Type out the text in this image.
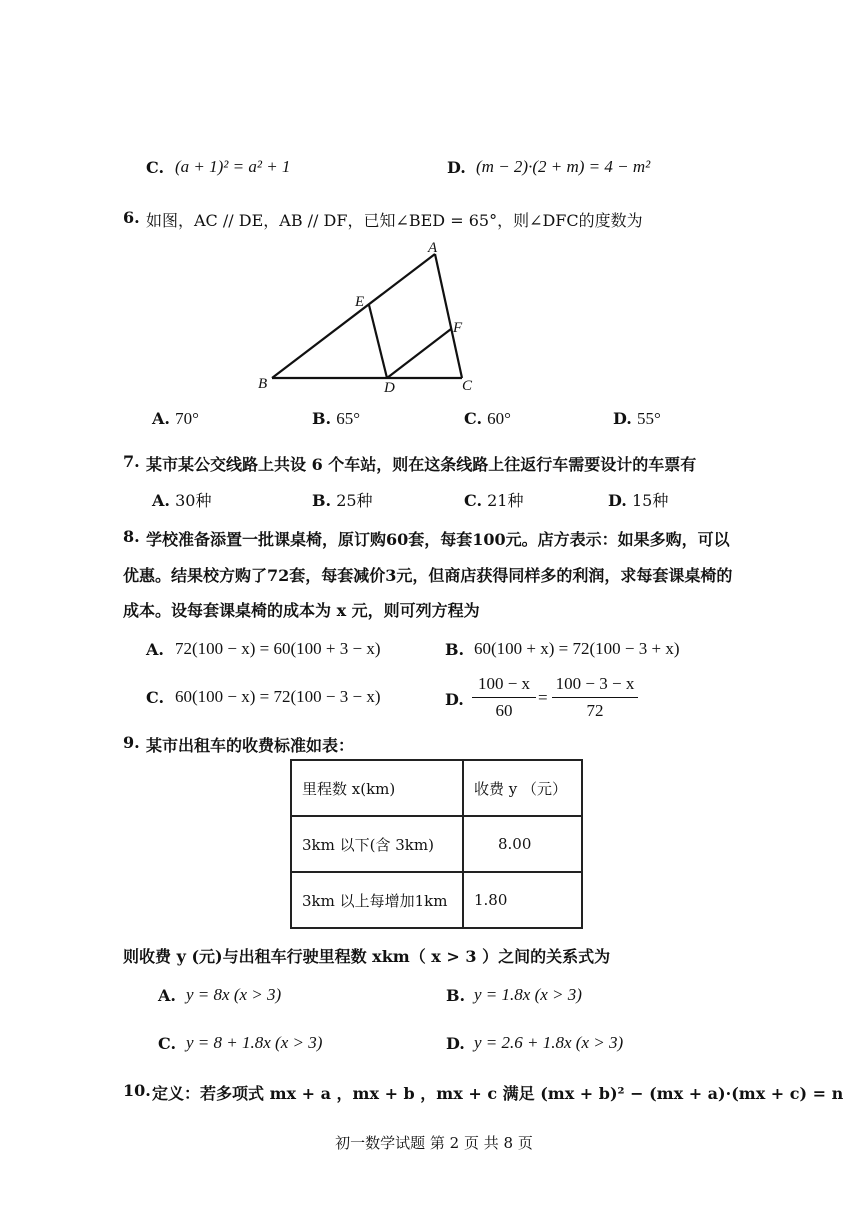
C. (a + 1)² = a² + 1	D. (m − 2)·(2 + m) = 4 − m²
6. 如图，AC // DE，AB // DF，已知∠BED = 65°，则∠DFC的度数为
A
B	C
D
E
F
A. 70°	B. 65°	C. 60°	D. 55°
7. 某市某公交线路上共设 6 个车站，则在这条线路上往返行车需要设计的车票有
A. 30种	B. 25种	C. 21种	D. 15种
8. 学校准备添置一批课桌椅，原订购60套，每套100元。店方表示：如果多购，可以
优惠。结果校方购了72套，每套减价3元，但商店获得同样多的利润，求每套课桌椅的
成本。设每套课桌椅的成本为 x 元，则可列方程为
A. 72(100 − x) = 60(100 + 3 − x)	B. 60(100 + x) = 72(100 − 3 + x)
C. 60(100 − x) = 72(100 − 3 − x)	D.
100 − x
60
=
100 − 3 − x
72
9. 某市出租车的收费标准如表：
里程数 x(km)	收费 y （元）
3km 以下(含 3km)	8.00
3km 以上每增加1km	1.80
则收费 y (元)与出租车行驶里程数 xkm（ x > 3 ）之间的关系式为
A. y = 8x (x > 3)	B. y = 1.8x (x > 3)
C. y = 8 + 1.8x (x > 3)	D. y = 2.6 + 1.8x (x > 3)
10. 定义：若多项式 mx + a ，mx + b ，mx + c 满足 (mx + b)² − (mx + a)·(mx + c) = n
初一数学试题 第 2 页 共 8 页
